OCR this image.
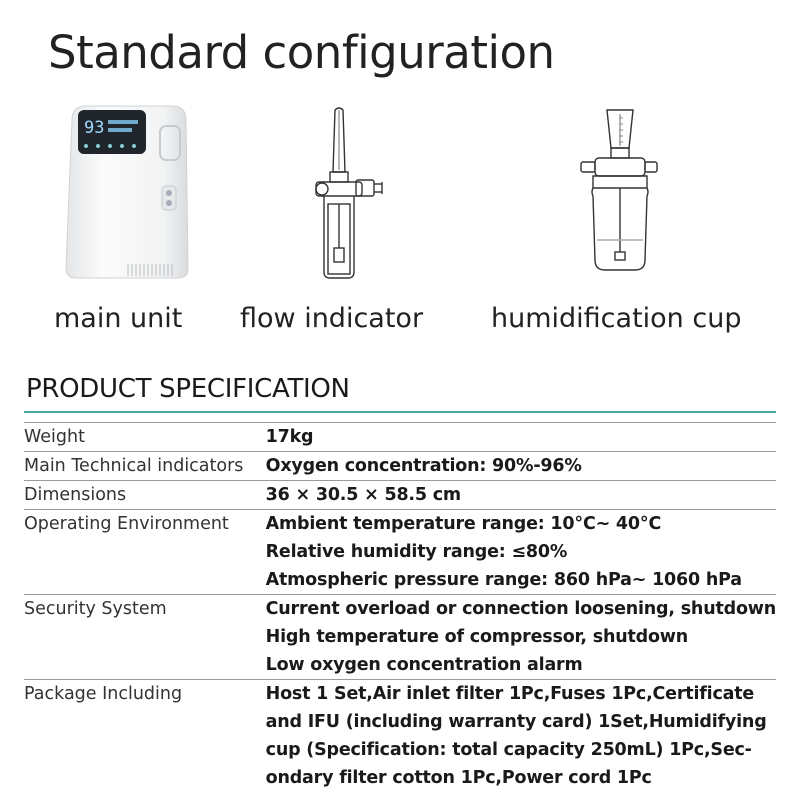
Standard configuration
93
main unit flow indicator	humidification cup
PRODUCT SPECIFICATION
Weight	17kg

Main Technical indicators	Oxygen concentration: 90%-96%

Dimensions	36 × 30.5 × 58.5 cm

Operating Environment	Ambient temperature range: 10°C~ 40°C
Relative humidity range: ≤80%
Atmospheric pressure range: 860 hPa~ 1060 hPa

Security System	Current overload or connection loosening, shutdown
High temperature of compressor, shutdown
Low oxygen concentration alarm

Package Including	Host 1 Set,Air inlet filter 1Pc,Fuses 1Pc,Certificate
and IFU (including warranty card) 1Set,Humidifying
cup (Specification: total capacity 250mL) 1Pc,Sec-
ondary filter cotton 1Pc,Power cord 1Pc
